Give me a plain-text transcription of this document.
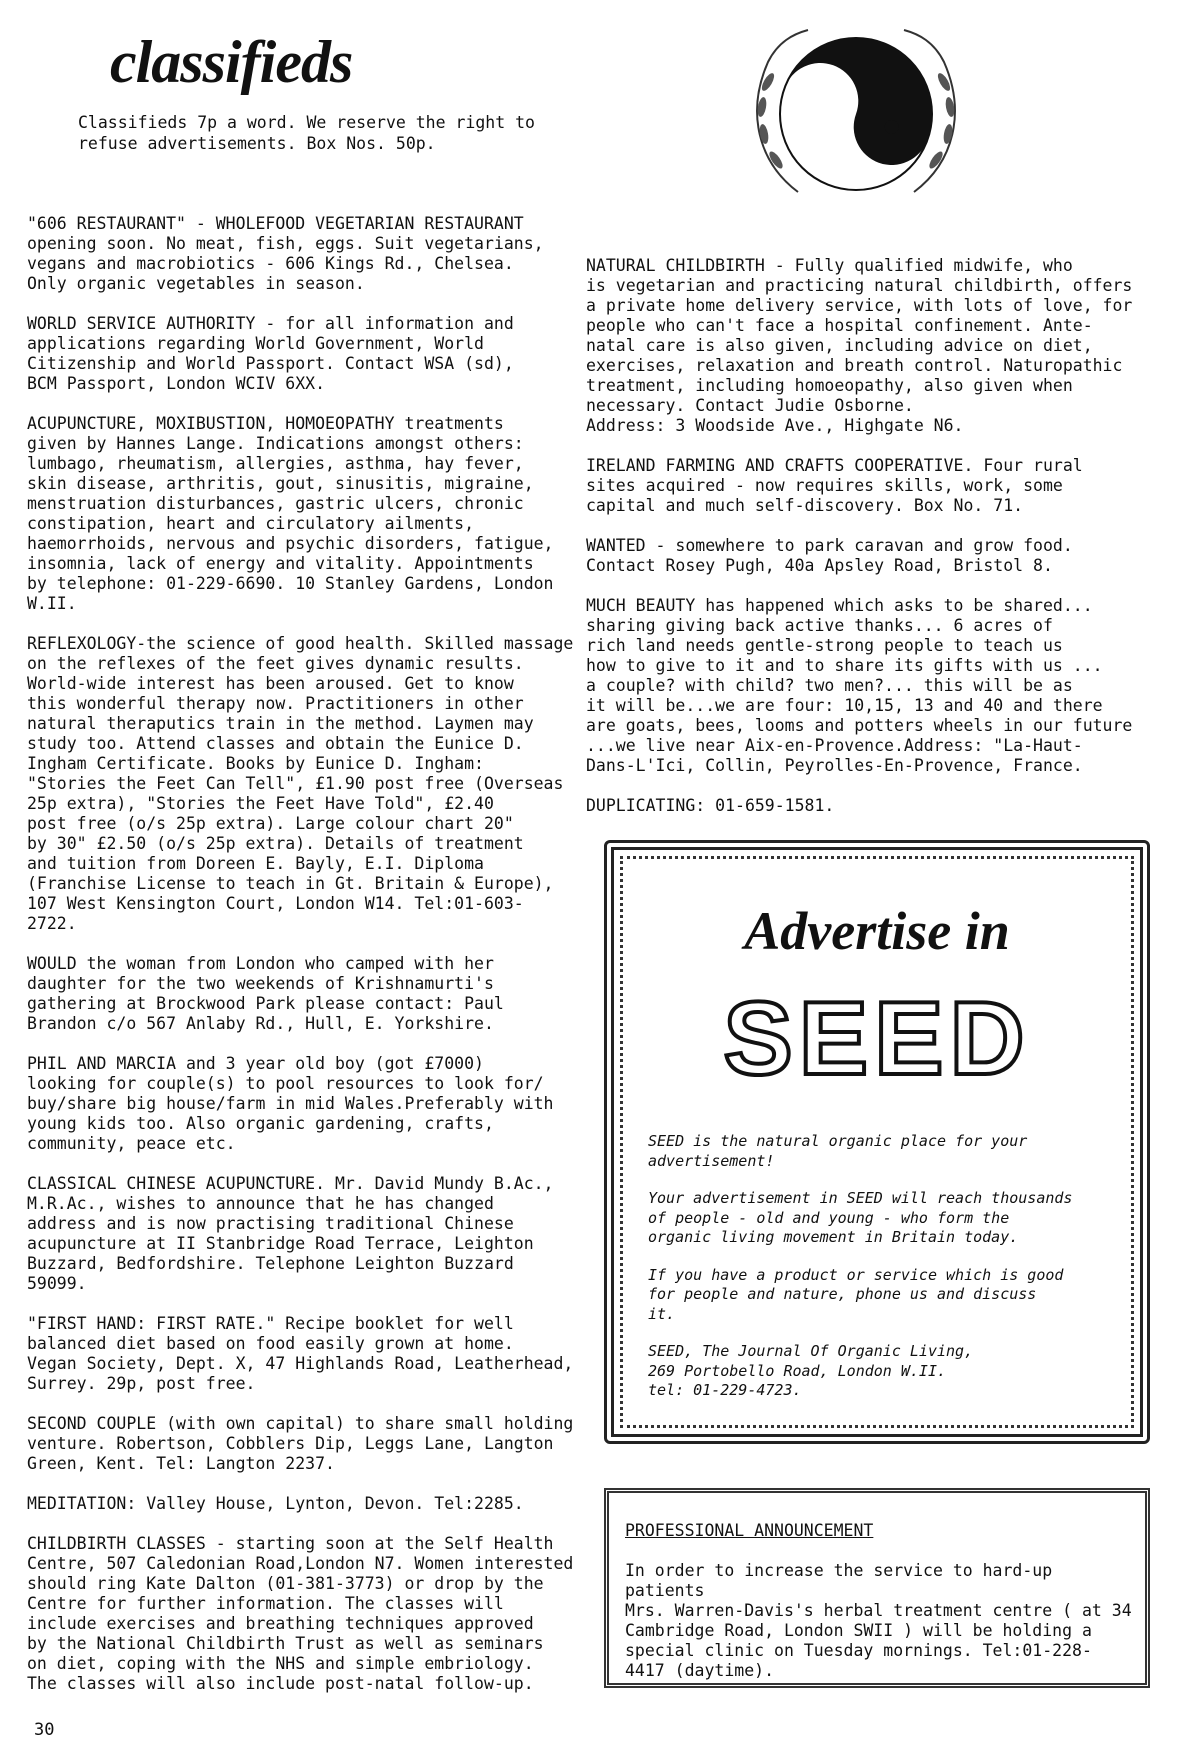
classifieds
Classifieds 7p a word. We reserve the right to
refuse advertisements. Box Nos. 50p.

"606 RESTAURANT" - WHOLEFOOD VEGETARIAN RESTAURANT
opening soon. No meat, fish, eggs. Suit vegetarians,
vegans and macrobiotics - 606 Kings Rd., Chelsea.
Only organic vegetables in season.

WORLD SERVICE AUTHORITY - for all information and
applications regarding World Government, World
Citizenship and World Passport. Contact WSA (sd),
BCM Passport, London WCIV 6XX.

ACUPUNCTURE, MOXIBUSTION, HOMOEOPATHY treatments
given by Hannes Lange. Indications amongst others:
lumbago, rheumatism, allergies, asthma, hay fever,
skin disease, arthritis, gout, sinusitis, migraine,
menstruation disturbances, gastric ulcers, chronic
constipation, heart and circulatory ailments,
haemorrhoids, nervous and psychic disorders, fatigue,
insomnia, lack of energy and vitality. Appointments
by telephone: 01-229-6690. 10 Stanley Gardens, London
W.II.

REFLEXOLOGY-the science of good health. Skilled massage
on the reflexes of the feet gives dynamic results.
World-wide interest has been aroused. Get to know
this wonderful therapy now. Practitioners in other
natural theraputics train in the method. Laymen may
study too. Attend classes and obtain the Eunice D.
Ingham Certificate. Books by Eunice D. Ingham:
"Stories the Feet Can Tell", £1.90 post free (Overseas
25p extra), "Stories the Feet Have Told", £2.40
post free (o/s 25p extra). Large colour chart 20"
by 30" £2.50 (o/s 25p extra). Details of treatment
and tuition from Doreen E. Bayly, E.I. Diploma
(Franchise License to teach in Gt. Britain & Europe),
107 West Kensington Court, London W14. Tel:01-603-
2722.

WOULD the woman from London who camped with her
daughter for the two weekends of Krishnamurti's
gathering at Brockwood Park please contact: Paul
Brandon c/o 567 Anlaby Rd., Hull, E. Yorkshire.

PHIL AND MARCIA and 3 year old boy (got £7000)
looking for couple(s) to pool resources to look for/
buy/share big house/farm in mid Wales.Preferably with
young kids too. Also organic gardening, crafts,
community, peace etc.

CLASSICAL CHINESE ACUPUNCTURE. Mr. David Mundy B.Ac.,
M.R.Ac., wishes to announce that he has changed
address and is now practising traditional Chinese
acupuncture at II Stanbridge Road Terrace, Leighton
Buzzard, Bedfordshire. Telephone Leighton Buzzard
59099.

"FIRST HAND: FIRST RATE." Recipe booklet for well
balanced diet based on food easily grown at home.
Vegan Society, Dept. X, 47 Highlands Road, Leatherhead,
Surrey. 29p, post free.

SECOND COUPLE (with own capital) to share small holding
venture. Robertson, Cobblers Dip, Leggs Lane, Langton
Green, Kent. Tel: Langton 2237.

MEDITATION: Valley House, Lynton, Devon. Tel:2285.

CHILDBIRTH CLASSES - starting soon at the Self Health
Centre, 507 Caledonian Road,London N7. Women interested
should ring Kate Dalton (01-381-3773) or drop by the
Centre for further information. The classes will
include exercises and breathing techniques approved
by the National Childbirth Trust as well as seminars
on diet, coping with the NHS and simple embriology.
The classes will also include post-natal follow-up.

NATURAL CHILDBIRTH - Fully qualified midwife, who
is vegetarian and practicing natural childbirth, offers
a private home delivery service, with lots of love, for
people who can't face a hospital confinement. Ante-
natal care is also given, including advice on diet,
exercises, relaxation and breath control. Naturopathic
treatment, including homoeopathy, also given when
necessary. Contact Judie Osborne.
Address: 3 Woodside Ave., Highgate N6.

IRELAND FARMING AND CRAFTS COOPERATIVE. Four rural
sites acquired - now requires skills, work, some
capital and much self-discovery. Box No. 71.

WANTED - somewhere to park caravan and grow food.
Contact Rosey Pugh, 40a Apsley Road, Bristol 8.

MUCH BEAUTY has happened which asks to be shared...
sharing giving back active thanks... 6 acres of
rich land needs gentle-strong people to teach us
how to give to it and to share its gifts with us ...
a couple? with child? two men?... this will be as
it will be...we are four: 10,15, 13 and 40 and there
are goats, bees, looms and potters wheels in our future
...we live near Aix-en-Provence.Address: "La-Haut-
Dans-L'Ici, Collin, Peyrolles-En-Provence, France.

DUPLICATING: 01-659-1581.

Advertise in
SEED

SEED is the natural organic place for your
advertisement!

Your advertisement in SEED will reach thousands
of people - old and young - who form the
organic living movement in Britain today.

If you have a product or service which is good
for people and nature, phone us and discuss
it.

SEED, The Journal Of Organic Living,
269 Portobello Road, London W.II.
tel: 01-229-4723.

PROFESSIONAL ANNOUNCEMENT
In order to increase the service to hard-up patients
Mrs. Warren-Davis's herbal treatment centre ( at 34
Cambridge Road, London SWII ) will be holding a
special clinic on Tuesday mornings. Tel:01-228-
4417 (daytime).
30
